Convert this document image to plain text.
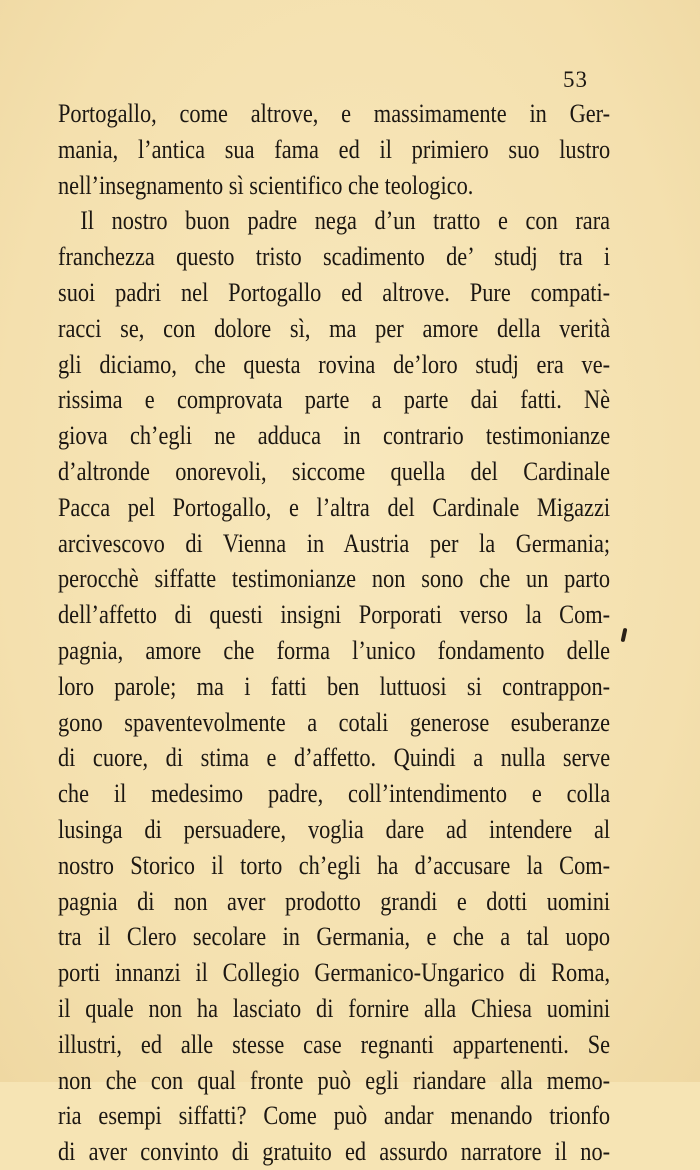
53
Portogallo, come altrove, e massimamente in Ger-
mania, l’antica sua fama ed il primiero suo lustro
nell’insegnamento sì scientifico che teologico.
Il nostro buon padre nega d’un tratto e con rara
franchezza questo tristo scadimento de’ studj tra i
suoi padri nel Portogallo ed altrove. Pure compati-
racci se, con dolore sì, ma per amore della verità
gli diciamo, che questa rovina de’loro studj era ve-
rissima e comprovata parte a parte dai fatti. Nè
giova ch’egli ne adduca in contrario testimonianze
d’altronde onorevoli, siccome quella del Cardinale
Pacca pel Portogallo, e l’altra del Cardinale Migazzi
arcivescovo di Vienna in Austria per la Germania;
perocchè siffatte testimonianze non sono che un parto
dell’affetto di questi insigni Porporati verso la Com-
pagnia, amore che forma l’unico fondamento delle
loro parole; ma i fatti ben luttuosi si contrappon-
gono spaventevolmente a cotali generose esuberanze
di cuore, di stima e d’affetto. Quindi a nulla serve
che il medesimo padre, coll’intendimento e colla
lusinga di persuadere, voglia dare ad intendere al
nostro Storico il torto ch’egli ha d’accusare la Com-
pagnia di non aver prodotto grandi e dotti uomini
tra il Clero secolare in Germania, e che a tal uopo
porti innanzi il Collegio Germanico-Ungarico di Roma,
il quale non ha lasciato di fornire alla Chiesa uomini
illustri, ed alle stesse case regnanti appartenenti. Se
non che con qual fronte può egli riandare alla memo-
ria esempi siffatti? Come può andar menando trionfo
di aver convinto di gratuito ed assurdo narratore il no-
